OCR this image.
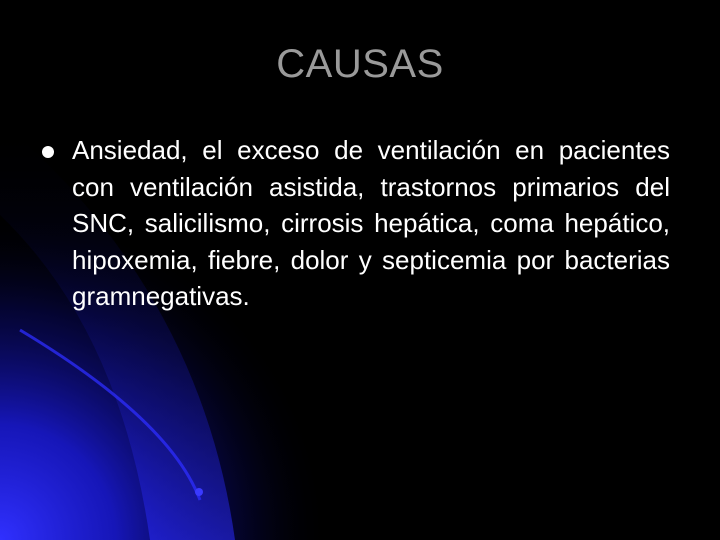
CAUSAS

Ansiedad, el exceso de ventilación en pacientes con ventilación asistida, trastornos primarios del SNC, salicilismo, cirrosis hepática, coma hepático, hipoxemia, fiebre, dolor y septicemia por bacterias gramnegativas.
